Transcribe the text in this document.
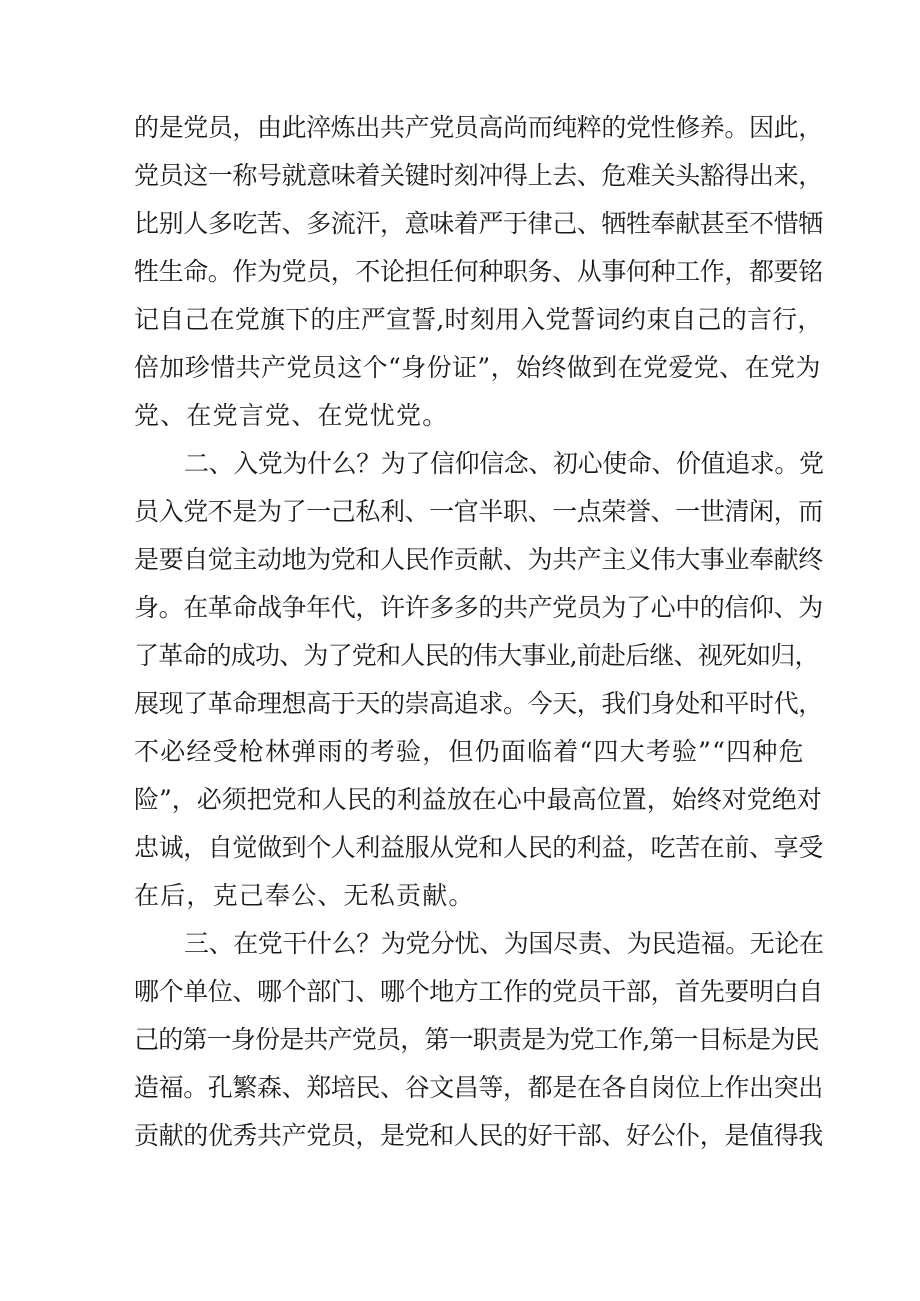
的是党员，由此淬炼出共产党员高尚而纯粹的党性修养。因此，
党员这一称号就意味着关键时刻冲得上去、危难关头豁得出来，
比别人多吃苦、多流汗，意味着严于律己、牺牲奉献甚至不惜牺
牲生命。作为党员，不论担任何种职务、从事何种工作，都要铭
记自己在党旗下的庄严宣誓,时刻用入党誓词约束自己的言行，
倍加珍惜共产党员这个“身份证”，始终做到在党爱党、在党为
党、在党言党、在党忧党。
二、入党为什么？为了信仰信念、初心使命、价值追求。党
员入党不是为了一己私利、一官半职、一点荣誉、一世清闲，而
是要自觉主动地为党和人民作贡献、为共产主义伟大事业奉献终
身。在革命战争年代，许许多多的共产党员为了心中的信仰、为
了革命的成功、为了党和人民的伟大事业,前赴后继、视死如归，
展现了革命理想高于天的崇高追求。今天，我们身处和平时代，
不必经受枪林弹雨的考验，但仍面临着“四大考验”“四种危
险”，必须把党和人民的利益放在心中最高位置，始终对党绝对
忠诚，自觉做到个人利益服从党和人民的利益，吃苦在前、享受
在后，克己奉公、无私贡献。
三、在党干什么？为党分忧、为国尽责、为民造福。无论在
哪个单位、哪个部门、哪个地方工作的党员干部，首先要明白自
己的第一身份是共产党员，第一职责是为党工作,第一目标是为民
造福。孔繁森、郑培民、谷文昌等，都是在各自岗位上作出突出
贡献的优秀共产党员，是党和人民的好干部、好公仆，是值得我
